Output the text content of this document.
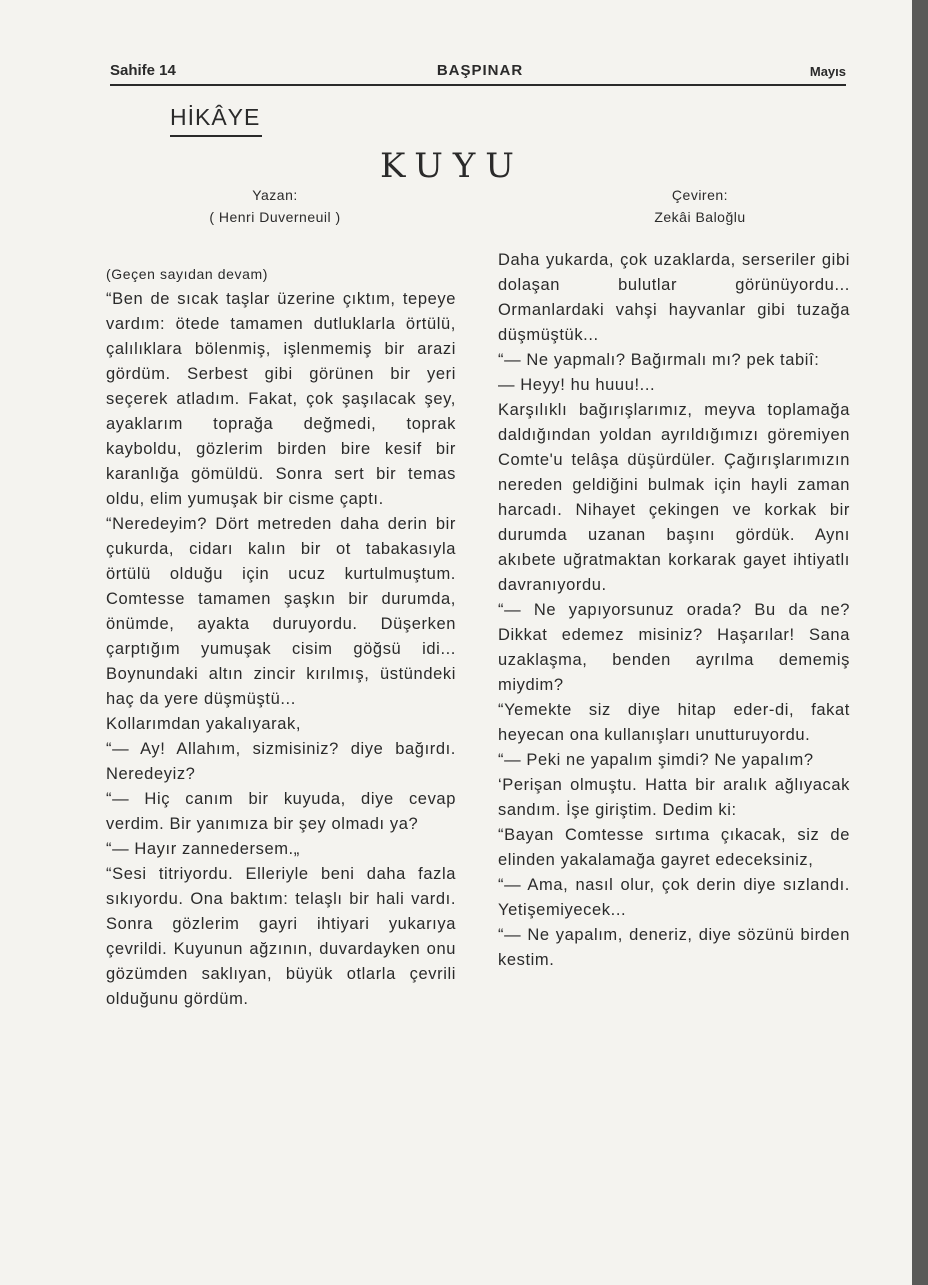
Sahife 14	BAŞPINAR	Mayıs
HİKÂYE
KUYU
Yazan:
( Henri Duverneuil )
Çeviren:
Zekâi Baloğlu
(Geçen sayıdan devam)

“Ben de sıcak taşlar üzerine çıktım, tepeye vardım: ötede tamamen dutluklarla örtülü, çalılıklara bölenmiş, işlenmemiş bir arazi gördüm. Serbest gibi görünen bir yeri seçerek atladım. Fakat, çok şaşılacak şey, ayaklarım toprağa değmedi, toprak kayboldu, gözlerim birden bire kesif bir karanlığa gömüldü. Sonra sert bir temas oldu, elim yumuşak bir cisme çaptı.

“Neredeyim? Dört metreden daha derin bir çukurda, cidarı kalın bir ot tabakasıyla örtülü olduğu için ucuz kurtulmuştum. Comtesse tamamen şaşkın bir durumda, önümde, ayakta duruyordu. Düşerken çarptığım yumuşak cisim göğsü idi... Boynundaki altın zincir kırılmış, üstündeki haç da yere düşmüştü...

Kollarımdan yakalıyarak,

“— Ay! Allahım, sizmisiniz? diye bağırdı. Neredeyiz?

“— Hiç canım bir kuyuda, diye cevap verdim. Bir yanımıza bir şey olmadı ya?

“— Hayır zannedersem.„

“Sesi titriyordu. Elleriyle beni daha fazla sıkıyordu. Ona baktım: telaşlı bir hali vardı. Sonra gözlerim gayri ihtiyari yukarıya çevrildi. Kuyunun ağzının, duvardayken onu gözümden saklıyan, büyük otlarla çevrili olduğunu gördüm.

Daha yukarda, çok uzaklarda, serseriler gibi dolaşan bulutlar görünüyordu... Ormanlardaki vahşi hayvanlar gibi tuzağa düşmüştük...

“— Ne yapmalı? Bağırmalı mı? pek tabiî:

— Heyy! hu huuu!...

Karşılıklı bağırışlarımız, meyva toplamağa daldığından yoldan ayrıldığımızı göremiyen Comte'u telâşa düşürdüler. Çağırışlarımızın nereden geldiğini bulmak için hayli zaman harcadı. Nihayet çekingen ve korkak bir durumda uzanan başını gördük. Aynı akıbete uğratmaktan korkarak gayet ihtiyatlı davranıyordu.

“— Ne yapıyorsunuz orada? Bu da ne? Dikkat edemez misiniz? Haşarılar! Sana uzaklaşma, benden ayrılma dememiş miydim?

“Yemekte siz diye hitap eder-di, fakat heyecan ona kullanışları unutturuyordu.

“— Peki ne yapalım şimdi? Ne yapalım?

‘Perişan olmuştu. Hatta bir aralık ağlıyacak sandım. İşe giriştim. Dedim ki:

“Bayan Comtesse sırtıma çıkacak, siz de elinden yakalamağa gayret edeceksiniz,

“— Ama, nasıl olur, çok derin diye sızlandı. Yetişemiyecek...

“— Ne yapalım, deneriz, diye sözünü birden kestim.
